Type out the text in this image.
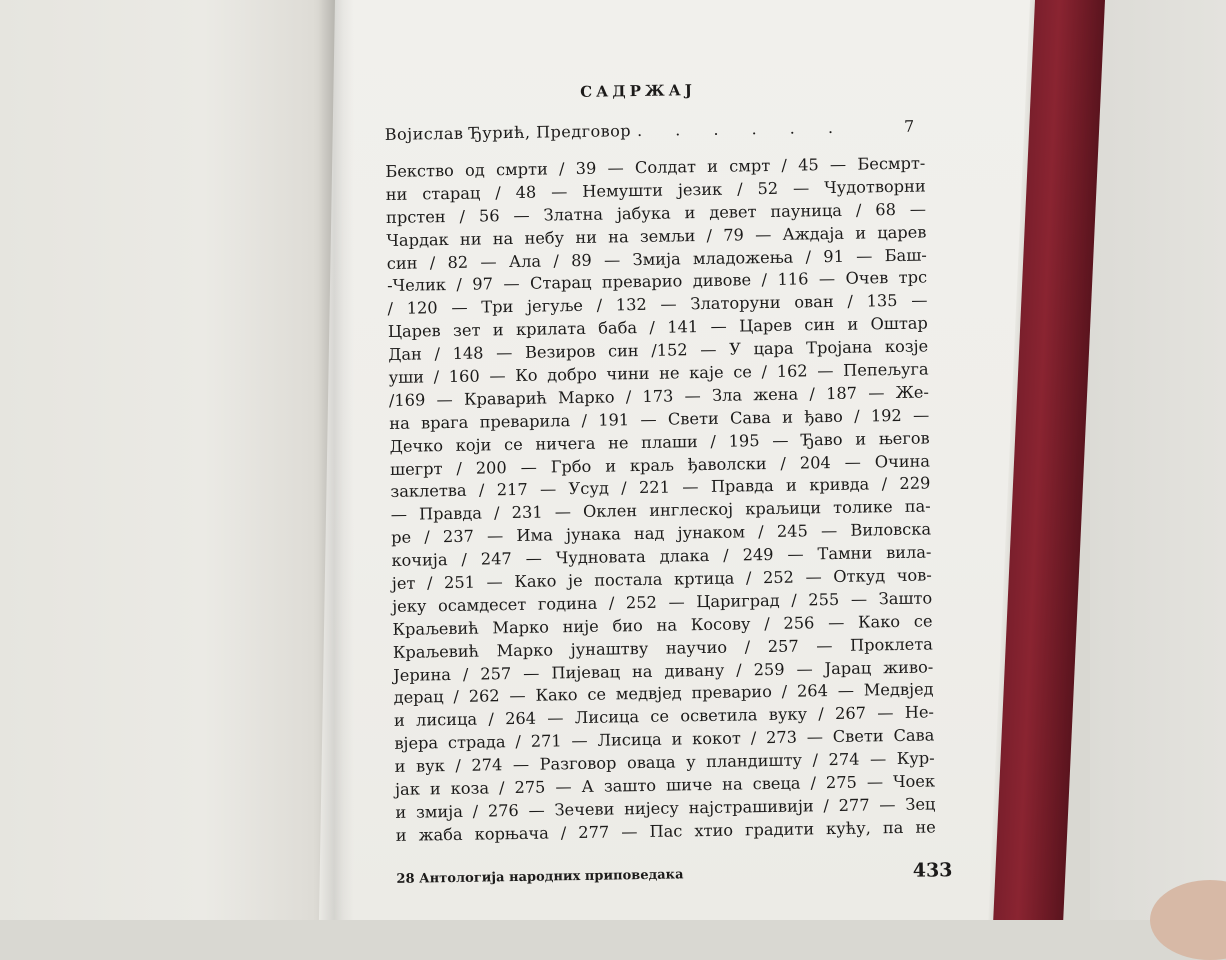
САДРЖАЈ
Војислав Ђурић, Предговор . . . . . .	7
Бекство од смрти / 39 — Солдат и смрт / 45 — Бесмрт-
ни старац / 48 — Немушти језик / 52 — Чудотворни
прстен / 56 — Златна јабука и девет пауница / 68 —
Чардак ни на небу ни на земљи / 79 — Аждаја и царев
син / 82 — Ала / 89 — Змија младожења / 91 — Баш-
-Челик / 97 — Старац преварио дивове / 116 — Очев трс
/ 120 — Три јегуље / 132 — Златоруни ован / 135 —
Царев зет и крилата баба / 141 — Царев син и Оштар
Дан / 148 — Везиров син /152 — У цара Тројана козје
уши / 160 — Ко добро чини не каје се / 162 — Пепељуга
/169 — Краварић Марко / 173 — Зла жена / 187 — Же-
на врага преварила / 191 — Свети Сава и ђаво / 192 —
Дечко који се ничега не плаши / 195 — Ђаво и његов
шегрт / 200 — Грбо и краљ ђаволски / 204 — Очина
заклетва / 217 — Усуд / 221 — Правда и кривда / 229
— Правда / 231 — Оклен инглеској краљици толике па-
ре / 237 — Има јунака над јунаком / 245 — Виловска
кочија / 247 — Чудновата длака / 249 — Тамни вила-
јет / 251 — Како је постала кртица / 252 — Откуд чов-
јеку осамдесет година / 252 — Цариград / 255 — Зашто
Краљевић Марко није био на Косову / 256 — Како се
Краљевић Марко јунаштву научио / 257 — Проклета
Јерина / 257 — Пијевац на дивану / 259 — Јарац живо-
дерац / 262 — Како се медвјед преварио / 264 — Медвјед
и лисица / 264 — Лисица се осветила вуку / 267 — Не-
вјера страда / 271 — Лисица и кокот / 273 — Свети Сава
и вук / 274 — Разговор оваца у пландишту / 274 — Кур-
јак и коза / 275 — А зашто шиче на свеца / 275 — Чоек
и змија / 276 — Зечеви нијесу најстрашивији / 277 — Зец
и жаба корњача / 277 — Пас хтио градити кућу, па не
28 Антологија народних приповедака	433
